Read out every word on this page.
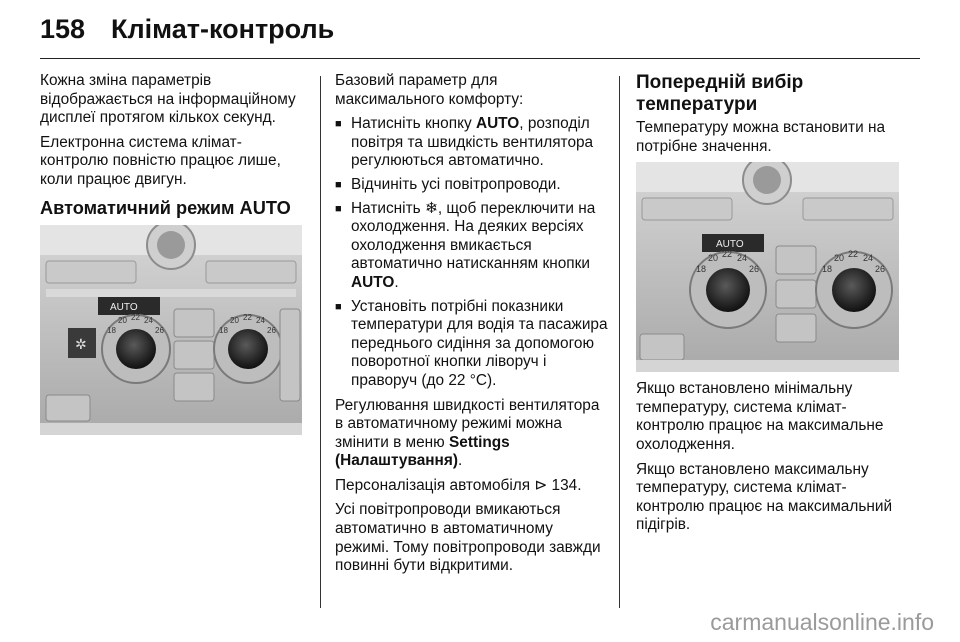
158 Клімат-контроль

Кожна зміна параметрів відображається на інформаційному дисплеї протягом кількох секунд.

Електронна система клімат-контролю повністю працює лише, коли працює двигун.

Автоматичний режим AUTO
AUTO
✲
18
20 22 24
26	18
20 22 24
26

Базовий параметр для максимального комфорту:

■ Натисніть кнопку AUTO, розподіл повітря та швидкість вентилятора регулюються автоматично.
■ Відчиніть усі повітропроводи.
■ Натисніть ❄, щоб переключити на охолодження. На деяких версіях охолодження вмикається автоматично натисканням кнопки AUTO.
■ Установіть потрібні показники температури для водія та пасажира переднього сидіння за допомогою поворотної кнопки ліворуч і праворуч (до 22 °C).

Регулювання швидкості вентилятора в автоматичному режимі можна змінити в меню Settings (Налаштування).

Персоналізація автомобіля ⊳ 134.

Усі повітропроводи вмикаються автоматично в автоматичному режимі. Тому повітропроводи завжди повинні бути відкритими.

Попередній вибір температури

Температуру можна встановити на потрібне значення.

AUTO
18
20 22 24
26	18
20 22 24
26

Якщо встановлено мінімальну температуру, система клімат-контролю працює на максимальне охолодження.

Якщо встановлено максимальну температуру, система клімат-контролю працює на максимальний підігрів.

carmanualsonline.info
